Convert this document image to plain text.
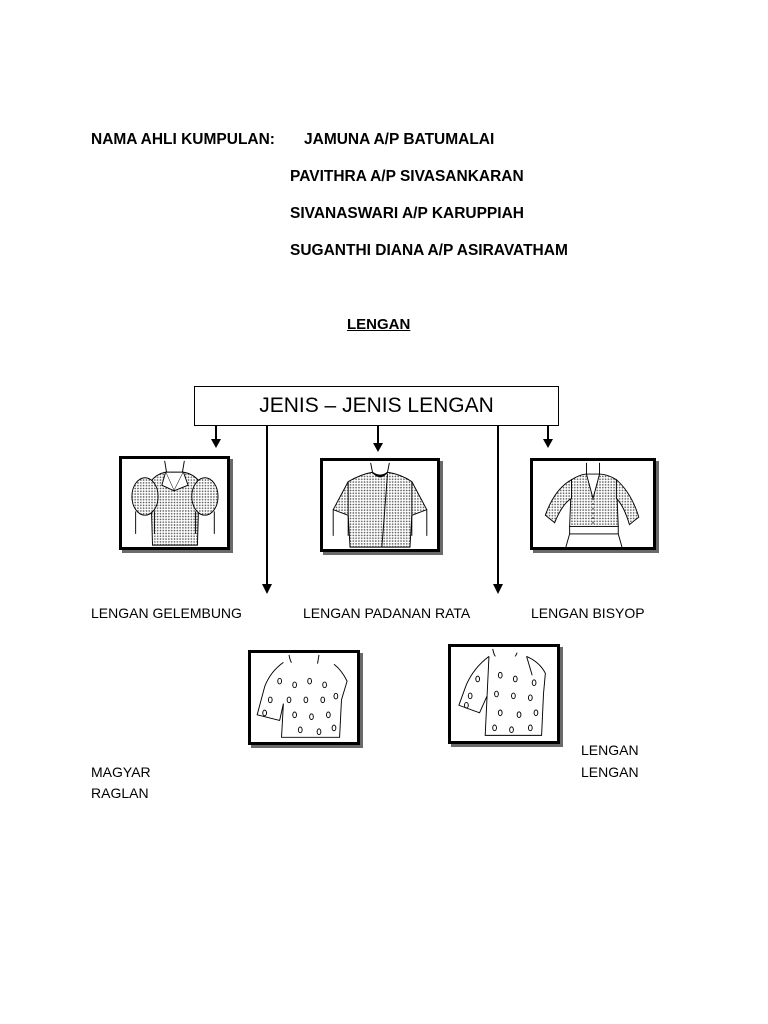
NAMA AHLI KUMPULAN: JAMUNA A/P BATUMALAI
PAVITHRA A/P SIVASANKARAN
SIVANASWARI A/P KARUPPIAH
SUGANTHI DIANA A/P ASIRAVATHAM
LENGAN
JENIS – JENIS LENGAN
LENGAN GELEMBUNG	LENGAN PADANAN RATA	LENGAN BISYOP
LENGAN
LENGAN
MAGYAR
RAGLAN
